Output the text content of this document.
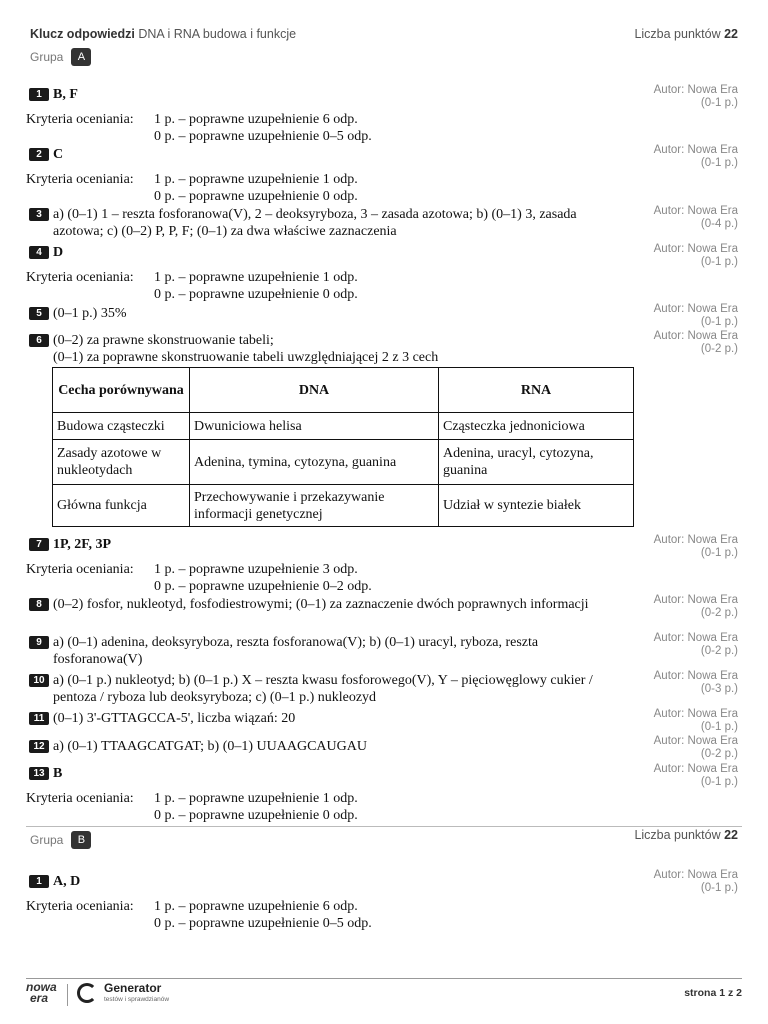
Klucz odpowiedzi DNA i RNA budowa i funkcje	Liczba punktów 22
Grupa	A
1 B, F	Autor: Nowa Era
(0-1 p.)
Kryteria oceniania: 1 p. – poprawne uzupełnienie 6 odp.
0 p. – poprawne uzupełnienie 0–5 odp.
2 C	Autor: Nowa Era
(0-1 p.)
Kryteria oceniania: 1 p. – poprawne uzupełnienie 1 odp.
0 p. – poprawne uzupełnienie 0 odp.
3 a) (0–1) 1 – reszta fosforanowa(V), 2 – deoksyryboza, 3 – zasada azotowa; b) (0–1) 3, zasada azotowa; c) (0–2) P, P, F; (0–1) za dwa właściwe zaznaczenia
Autor: Nowa Era
(0-4 p.)
4 D	Autor: Nowa Era
(0-1 p.)
Kryteria oceniania: 1 p. – poprawne uzupełnienie 1 odp.
0 p. – poprawne uzupełnienie 0 odp.
5 (0–1 p.) 35%	Autor: Nowa Era
(0-1 p.)
6 (0–2) za prawne skonstruowanie tabeli;
(0–1) za poprawne skonstruowanie tabeli uwzględniającej 2 z 3 cech
Autor: Nowa Era
(0-2 p.)
Cecha porównywana	DNA	RNA
Budowa cząsteczki	Dwuniciowa helisa	Cząsteczka jednoniciowa
Zasady azotowe w nukleotydach	Adenina, tymina, cytozyna, guanina	Adenina, uracyl, cytozyna, guanina
Główna funkcja	Przechowywanie i przekazywanie informacji genetycznej	Udział w syntezie białek
7 1P, 2F, 3P	Autor: Nowa Era
(0-1 p.)
Kryteria oceniania: 1 p. – poprawne uzupełnienie 3 odp.
0 p. – poprawne uzupełnienie 0–2 odp.
8 (0–2) fosfor, nukleotyd, fosfodiestrowymi; (0–1) za zaznaczenie dwóch poprawnych informacji	Autor: Nowa Era
(0-2 p.)
9 a) (0–1) adenina, deoksyryboza, reszta fosforanowa(V); b) (0–1) uracyl, ryboza, reszta fosforanowa(V)
Autor: Nowa Era
(0-2 p.)
10 a) (0–1 p.) nukleotyd; b) (0–1 p.) X – reszta kwasu fosforowego(V), Y – pięciowęglowy cukier / pentoza / ryboza lub deoksyryboza; c) (0–1 p.) nukleozyd
Autor: Nowa Era
(0-3 p.)
11 (0–1) 3'-GTTAGCCA-5', liczba wiązań: 20	Autor: Nowa Era
(0-1 p.)
12 a) (0–1) TTAAGCATGAT; b) (0–1) UUAAGCAUGAU	Autor: Nowa Era
(0-2 p.)
13 B	Autor: Nowa Era
(0-1 p.)
Kryteria oceniania: 1 p. – poprawne uzupełnienie 1 odp.
0 p. – poprawne uzupełnienie 0 odp.
Grupa	B	Liczba punktów 22
1 A, D	Autor: Nowa Era
(0-1 p.)
Kryteria oceniania: 1 p. – poprawne uzupełnienie 6 odp.
0 p. – poprawne uzupełnienie 0–5 odp.
nowa
era
Generator
testów i sprawdzianów
strona 1 z 2
